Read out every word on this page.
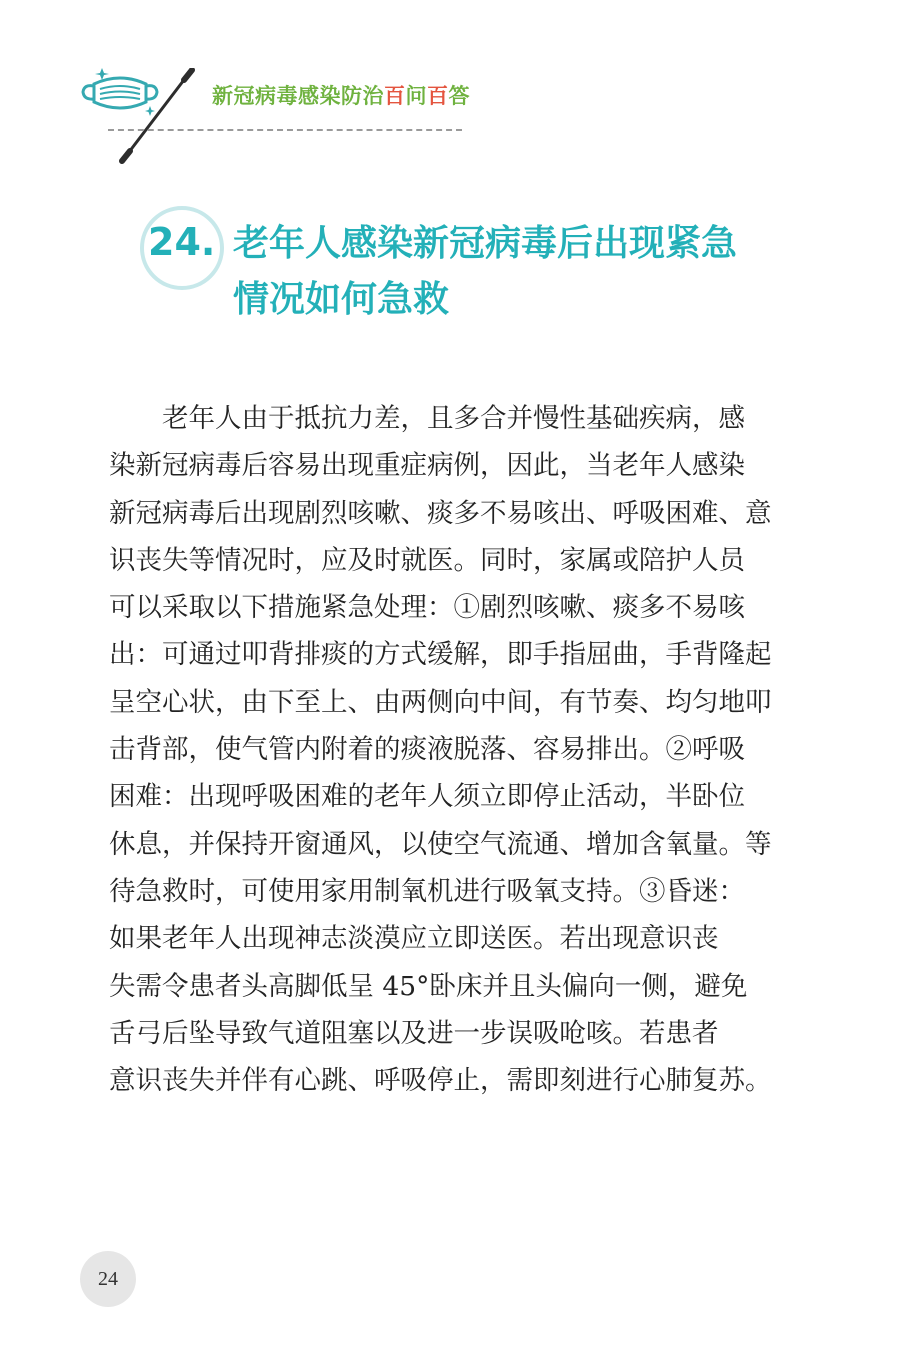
新冠病毒感染防治百问百答
24. 老年人感染新冠病毒后出现紧急
情况如何急救
老年人由于抵抗力差，且多合并慢性基础疾病，感
染新冠病毒后容易出现重症病例，因此，当老年人感染
新冠病毒后出现剧烈咳嗽、痰多不易咳出、呼吸困难、意
识丧失等情况时，应及时就医。同时，家属或陪护人员
可以采取以下措施紧急处理：①剧烈咳嗽、痰多不易咳
出：可通过叩背排痰的方式缓解，即手指屈曲，手背隆起
呈空心状，由下至上、由两侧向中间，有节奏、均匀地叩
击背部，使气管内附着的痰液脱落、容易排出。②呼吸
困难：出现呼吸困难的老年人须立即停止活动，半卧位
休息，并保持开窗通风，以使空气流通、增加含氧量。等
待急救时，可使用家用制氧机进行吸氧支持。③昏迷：
如果老年人出现神志淡漠应立即送医。若出现意识丧
失需令患者头高脚低呈 45°卧床并且头偏向一侧，避免
舌弓后坠导致气道阻塞以及进一步误吸呛咳。若患者
意识丧失并伴有心跳、呼吸停止，需即刻进行心肺复苏。
24
